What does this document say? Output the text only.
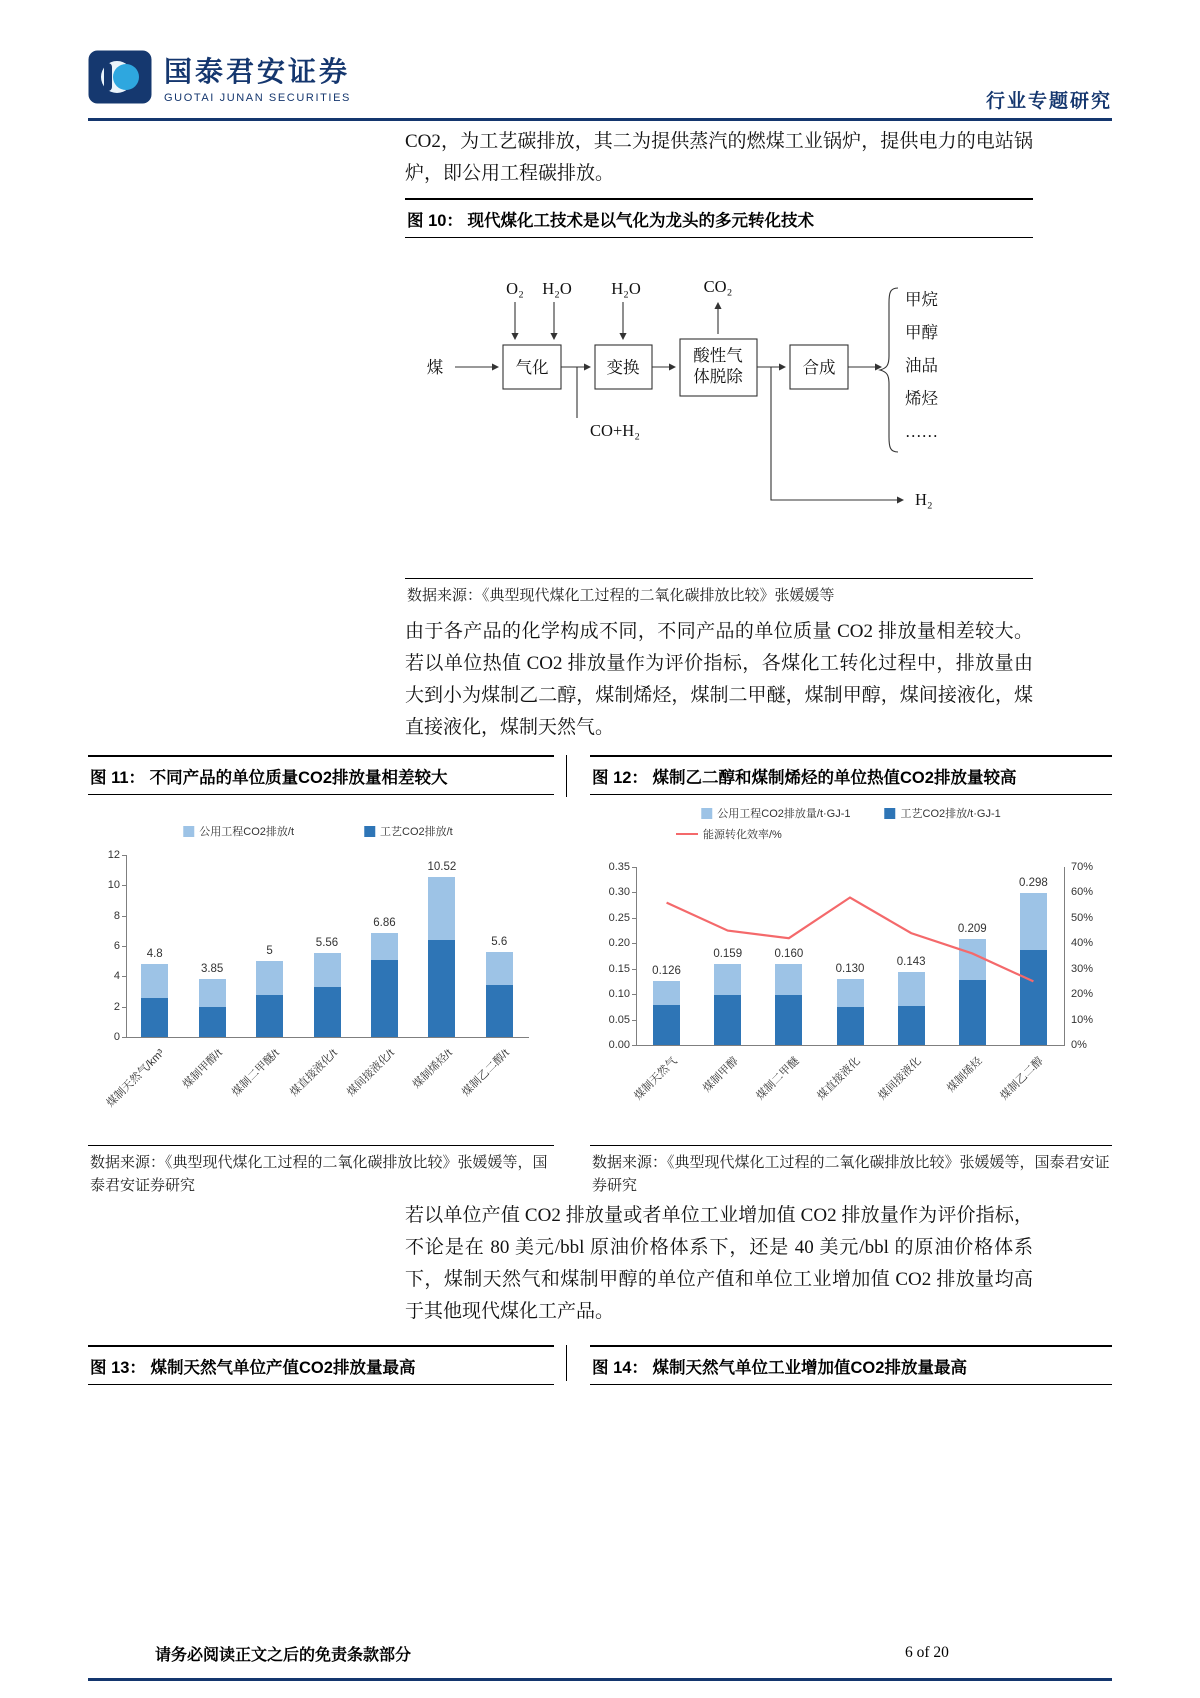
国泰君安证券
GUOTAI JUNAN SECURITIES	行业专题研究

CO2，为工艺碳排放，其二为提供蒸汽的燃煤工业锅炉，提供电力的电站锅炉，即公用工程碳排放。

图 10： 现代煤化工技术是以气化为龙头的多元转化技术
O₂ H₂O H₂O	CO₂
煤	气化	变换
酸性气
体脱除	合成
CO+H₂
甲烷
甲醇
油品
烯烃
……
H₂
数据来源：《典型现代煤化工过程的二氧化碳排放比较》张媛媛等

由于各产品的化学构成不同，不同产品的单位质量 CO2 排放量相差较大。若以单位热值 CO2 排放量作为评价指标，各煤化工转化过程中，排放量由大到小为煤制乙二醇，煤制烯烃，煤制二甲醚，煤制甲醇，煤间接液化，煤直接液化，煤制天然气。

图 11： 不同产品的单位质量CO2排放量相差较大
0
2
4
6
8
10
12
4.8
煤制天然气/km³
3.85
煤制甲醇/t
5
煤制二甲醚/t
5.56
煤直接液化/t
6.86
煤间接液化/t
10.52
煤制烯烃/t
5.6
煤制乙二醇/t
公用工程CO2排放/t	工艺CO2排放/t
数据来源：《典型现代煤化工过程的二氧化碳排放比较》张媛媛等，国泰君安证券研究
图 12： 煤制乙二醇和煤制烯烃的单位热值CO2排放量较高
0.00
0.05
0.10
0.15
0.20
0.25
0.30
0.35
0%
10%
20%
30%
40%
50%
60%
70%
0.126
煤制天然气
0.159
煤制甲醇
0.160
煤制二甲醚
0.130
煤直接液化
0.143
煤间接液化
0.209
煤制烯烃
0.298
煤制乙二醇
公用工程CO2排放量/t·GJ-1	工艺CO2排放/t·GJ-1
能源转化效率/%
数据来源：《典型现代煤化工过程的二氧化碳排放比较》张媛媛等，国泰君安证券研究

若以单位产值 CO2 排放量或者单位工业增加值 CO2 排放量作为评价指标，不论是在 80 美元/bbl 原油价格体系下，还是 40 美元/bbl 的原油价格体系下，煤制天然气和煤制甲醇的单位产值和单位工业增加值 CO2 排放量均高于其他现代煤化工产品。

图 13： 煤制天然气单位产值CO2排放量最高	图 14： 煤制天然气单位工业增加值CO2排放量最高
请务必阅读正文之后的免责条款部分	6 of 20
